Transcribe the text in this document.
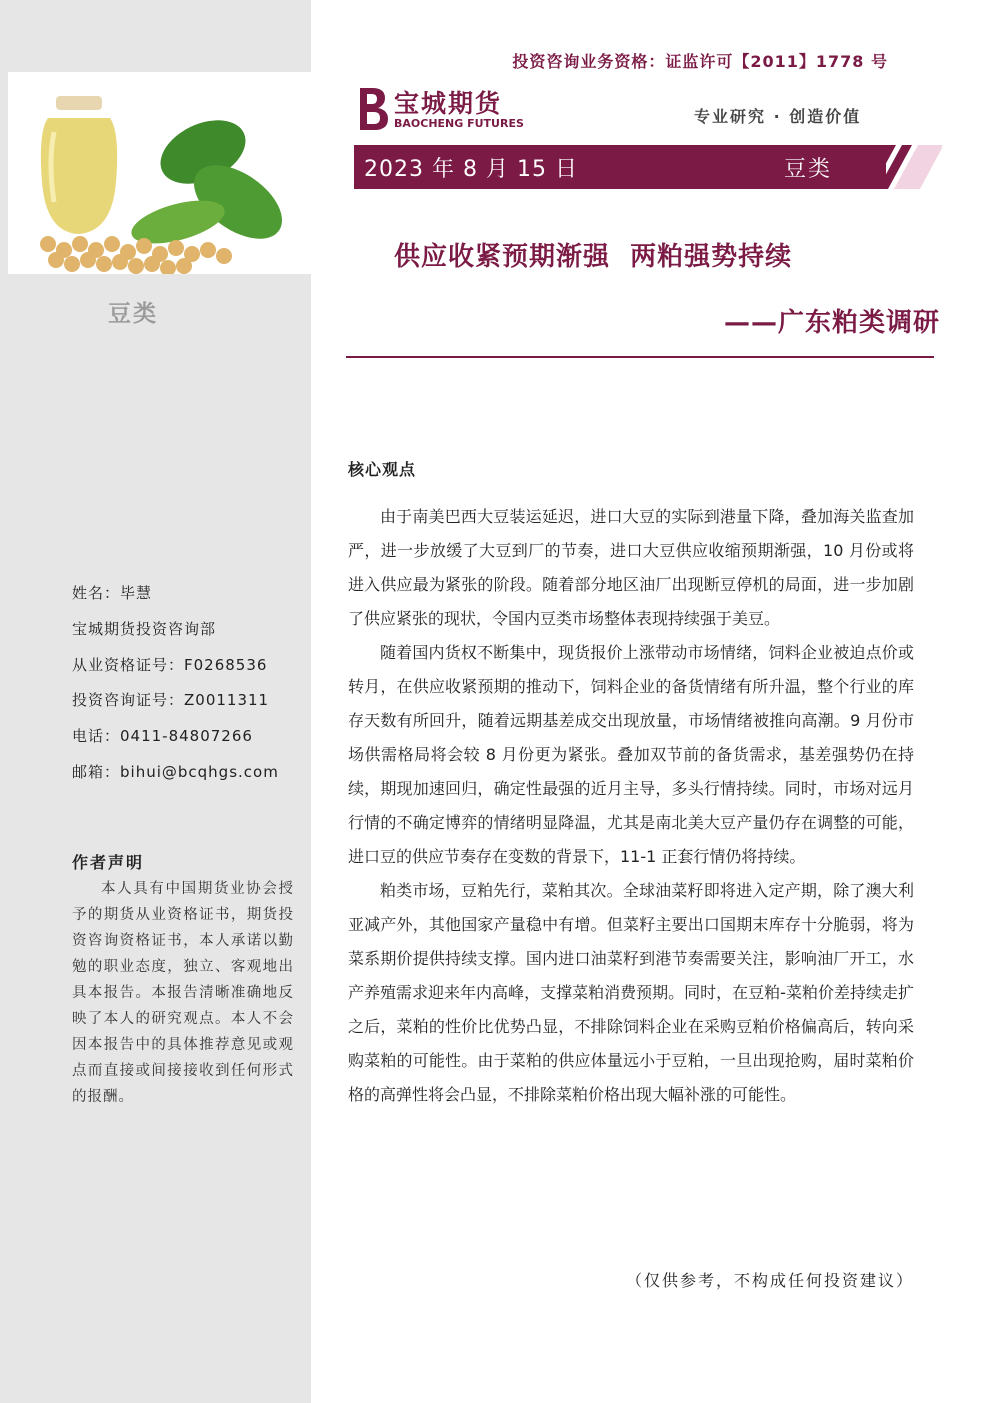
豆类
姓名：毕慧
宝城期货投资咨询部
从业资格证号：F0268536
投资咨询证号：Z0011311
电话：0411-84807266
邮箱：bihui@bcqhgs.com
作者声明
本人具有中国期货业协会授予的期货从业资格证书，期货投资咨询资格证书，本人承诺以勤勉的职业态度，独立、客观地出具本报告。本报告清晰准确地反映了本人的研究观点。本人不会因本报告中的具体推荐意见或观点而直接或间接接收到任何形式的报酬。
投资咨询业务资格：证监许可【2011】1778 号
宝城期货
BAOCHENG FUTURES	专业研究 · 创造价值
2023 年 8 月 15 日	豆类
供应收紧预期渐强  两粕强势持续
——广东粕类调研
核心观点

由于南美巴西大豆装运延迟，进口大豆的实际到港量下降，叠加海关监查加严，进一步放缓了大豆到厂的节奏，进口大豆供应收缩预期渐强，10 月份或将进入供应最为紧张的阶段。随着部分地区油厂出现断豆停机的局面，进一步加剧了供应紧张的现状，令国内豆类市场整体表现持续强于美豆。

随着国内货权不断集中，现货报价上涨带动市场情绪，饲料企业被迫点价或转月，在供应收紧预期的推动下，饲料企业的备货情绪有所升温，整个行业的库存天数有所回升，随着远期基差成交出现放量，市场情绪被推向高潮。9 月份市场供需格局将会较 8 月份更为紧张。叠加双节前的备货需求，基差强势仍在持续，期现加速回归，确定性最强的近月主导，多头行情持续。同时，市场对远月行情的不确定博弈的情绪明显降温，尤其是南北美大豆产量仍存在调整的可能，进口豆的供应节奏存在变数的背景下，11-1 正套行情仍将持续。

粕类市场，豆粕先行，菜粕其次。全球油菜籽即将进入定产期，除了澳大利亚减产外，其他国家产量稳中有增。但菜籽主要出口国期末库存十分脆弱，将为菜系期价提供持续支撑。国内进口油菜籽到港节奏需要关注，影响油厂开工，水产养殖需求迎来年内高峰，支撑菜粕消费预期。同时，在豆粕-菜粕价差持续走扩之后，菜粕的性价比优势凸显，不排除饲料企业在采购豆粕价格偏高后，转向采购菜粕的可能性。由于菜粕的供应体量远小于豆粕，一旦出现抢购，届时菜粕价格的高弹性将会凸显，不排除菜粕价格出现大幅补涨的可能性。

（仅供参考，不构成任何投资建议）
